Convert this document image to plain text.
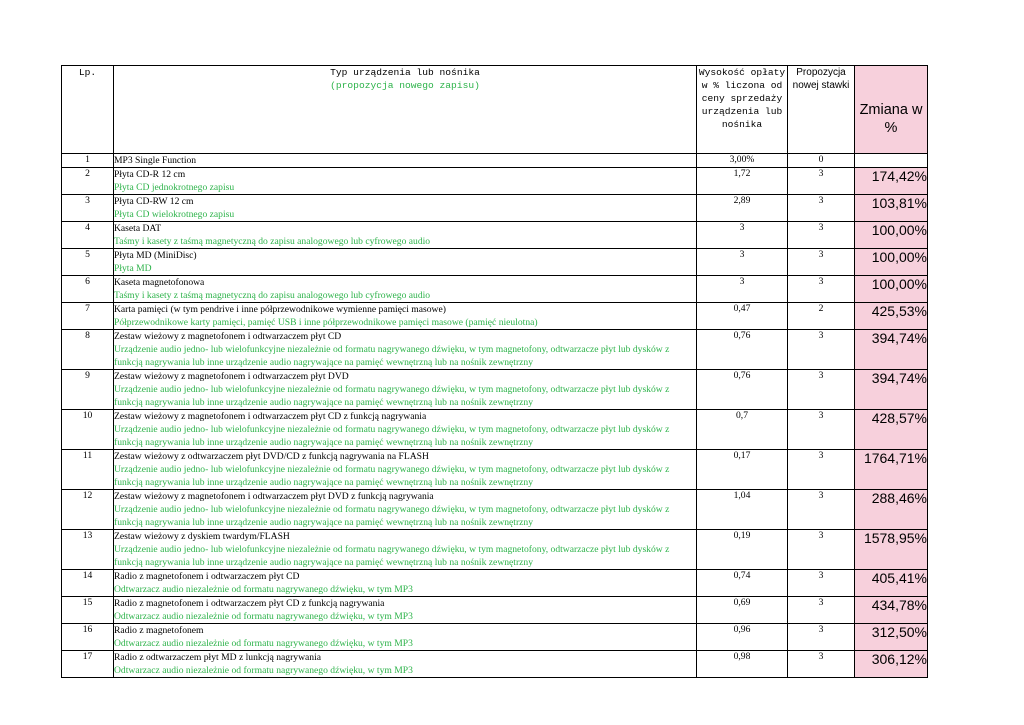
Lp.	Typ urządzenia lub nośnika
(propozycja nowego zapisu)	Wysokość opłaty w % liczona od ceny sprzedaży urządzenia lub nośnika	Propozycja nowej stawki	Zmiana w %
1	MP3 Single Function	3,00%	0	
2	Płyta CD-R 12 cm
Płyta CD jednokrotnego zapisu	1,72	3	174,42%
3	Płyta CD-RW 12 cm
Płyta CD wielokrotnego zapisu	2,89	3	103,81%
4	Kaseta DAT
Taśmy i kasety z taśmą magnetyczną do zapisu analogowego lub cyfrowego audio	3	3	100,00%
5	Płyta MD (MiniDisc)
Płyta MD	3	3	100,00%
6	Kaseta magnetofonowa
Taśmy i kasety z taśmą magnetyczną do zapisu analogowego lub cyfrowego audio	3	3	100,00%
7	Karta pamięci (w tym pendrive i inne półprzewodnikowe wymienne pamięci masowe)
Półprzewodnikowe karty pamięci, pamięć USB i inne półprzewodnikowe pamięci masowe (pamięć nieulotna)	0,47	2	425,53%
8	Zestaw wieżowy z magnetofonem i odtwarzaczem płyt CD
Urządzenie audio jedno- lub wielofunkcyjne niezależnie od formatu nagrywanego dźwięku, w tym magnetofony, odtwarzacze płyt lub dysków z funkcją nagrywania lub inne urządzenie audio nagrywające na pamięć wewnętrzną lub na nośnik zewnętrzny	0,76	3	394,74%
9	Zestaw wieżowy z magnetofonem i odtwarzaczem płyt DVD
Urządzenie audio jedno- lub wielofunkcyjne niezależnie od formatu nagrywanego dźwięku, w tym magnetofony, odtwarzacze płyt lub dysków z funkcją nagrywania lub inne urządzenie audio nagrywające na pamięć wewnętrzną lub na nośnik zewnętrzny	0,76	3	394,74%
10	Zestaw wieżowy z magnetofonem i odtwarzaczem płyt CD z funkcją nagrywania
Urządzenie audio jedno- lub wielofunkcyjne niezależnie od formatu nagrywanego dźwięku, w tym magnetofony, odtwarzacze płyt lub dysków z funkcją nagrywania lub inne urządzenie audio nagrywające na pamięć wewnętrzną lub na nośnik zewnętrzny	0,7	3	428,57%
11	Zestaw wieżowy z odtwarzaczem płyt DVD/CD z funkcją nagrywania na FLASH
Urządzenie audio jedno- lub wielofunkcyjne niezależnie od formatu nagrywanego dźwięku, w tym magnetofony, odtwarzacze płyt lub dysków z funkcją nagrywania lub inne urządzenie audio nagrywające na pamięć wewnętrzną lub na nośnik zewnętrzny	0,17	3	1764,71%
12	Zestaw wieżowy z magnetofonem i odtwarzaczem płyt DVD z funkcją nagrywania
Urządzenie audio jedno- lub wielofunkcyjne niezależnie od formatu nagrywanego dźwięku, w tym magnetofony, odtwarzacze płyt lub dysków z funkcją nagrywania lub inne urządzenie audio nagrywające na pamięć wewnętrzną lub na nośnik zewnętrzny	1,04	3	288,46%
13	Zestaw wieżowy z dyskiem twardym/FLASH
Urządzenie audio jedno- lub wielofunkcyjne niezależnie od formatu nagrywanego dźwięku, w tym magnetofony, odtwarzacze płyt lub dysków z funkcją nagrywania lub inne urządzenie audio nagrywające na pamięć wewnętrzną lub na nośnik zewnętrzny	0,19	3	1578,95%
14	Radio z magnetofonem i odtwarzaczem płyt CD
Odtwarzacz audio niezależnie od formatu nagrywanego dźwięku, w tym MP3	0,74	3	405,41%
15	Radio z magnetofonem i odtwarzaczem płyt CD z funkcją nagrywania
Odtwarzacz audio niezależnie od formatu nagrywanego dźwięku, w tym MP3	0,69	3	434,78%
16	Radio z magnetofonem
Odtwarzacz audio niezależnie od formatu nagrywanego dźwięku, w tym MP3	0,96	3	312,50%
17	Radio z odtwarzaczem płyt MD z lunkcją nagrywania
Odtwarzacz audio niezależnie od formatu nagrywanego dźwięku, w tym MP3	0,98	3	306,12%
